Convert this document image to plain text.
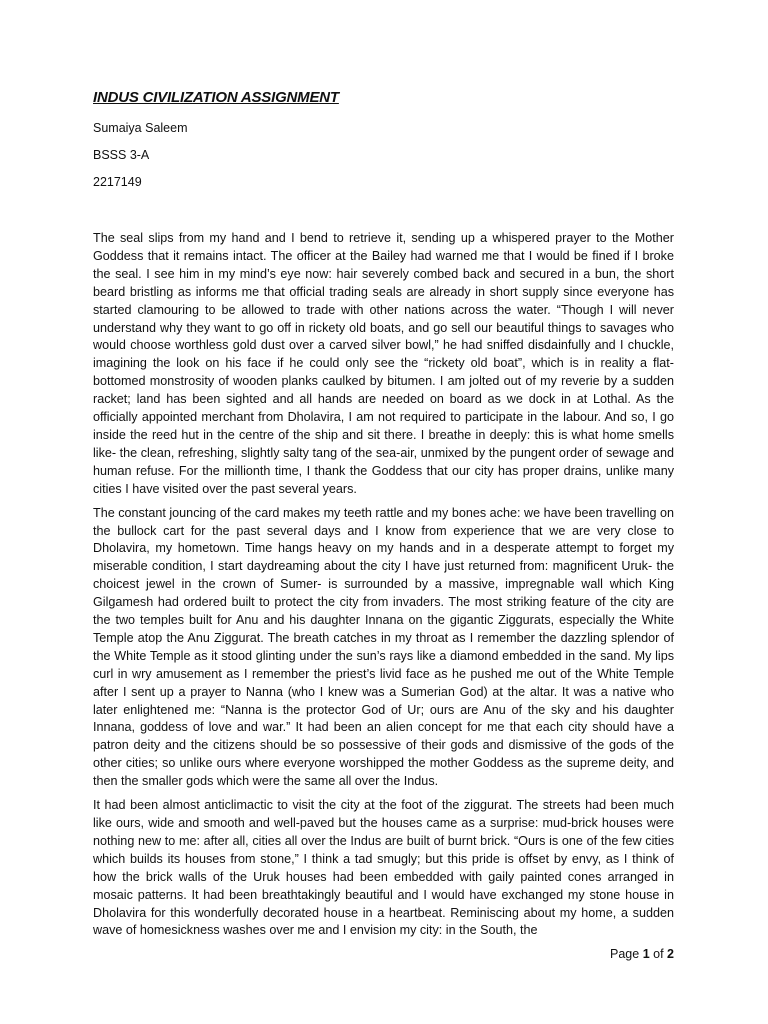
INDUS CIVILIZATION ASSIGNMENT
Sumaiya Saleem
BSSS 3-A
2217149

The seal slips from my hand and I bend to retrieve it, sending up a whispered prayer to the Mother Goddess that it remains intact. The officer at the Bailey had warned me that I would be fined if I broke the seal. I see him in my mind’s eye now: hair severely combed back and secured in a bun, the short beard bristling as informs me that official trading seals are already in short supply since everyone has started clamouring to be allowed to trade with other nations across the water. “Though I will never understand why they want to go off in rickety old boats, and go sell our beautiful things to savages who would choose worthless gold dust over a carved silver bowl,” he had sniffed disdainfully and I chuckle, imagining the look on his face if he could only see the “rickety old boat”, which is in reality a flat-bottomed monstrosity of wooden planks caulked by bitumen. I am jolted out of my reverie by a sudden racket; land has been sighted and all hands are needed on board as we dock in at Lothal. As the officially appointed merchant from Dholavira, I am not required to participate in the labour. And so, I go inside the reed hut in the centre of the ship and sit there. I breathe in deeply: this is what home smells like- the clean, refreshing, slightly salty tang of the sea-air, unmixed by the pungent order of sewage and human refuse. For the millionth time, I thank the Goddess that our city has proper drains, unlike many cities I have visited over the past several years.

The constant jouncing of the card makes my teeth rattle and my bones ache: we have been travelling on the bullock cart for the past several days and I know from experience that we are very close to Dholavira, my hometown. Time hangs heavy on my hands and in a desperate attempt to forget my miserable condition, I start daydreaming about the city I have just returned from: magnificent Uruk- the choicest jewel in the crown of Sumer- is surrounded by a massive, impregnable wall which King Gilgamesh had ordered built to protect the city from invaders. The most striking feature of the city are the two temples built for Anu and his daughter Innana on the gigantic Ziggurats, especially the White Temple atop the Anu Ziggurat. The breath catches in my throat as I remember the dazzling splendor of the White Temple as it stood glinting under the sun’s rays like a diamond embedded in the sand. My lips curl in wry amusement as I remember the priest’s livid face as he pushed me out of the White Temple after I sent up a prayer to Nanna (who I knew was a Sumerian God) at the altar. It was a native who later enlightened me: “Nanna is the protector God of Ur; ours are Anu of the sky and his daughter Innana, goddess of love and war.” It had been an alien concept for me that each city should have a patron deity and the citizens should be so possessive of their gods and dismissive of the gods of the other cities; so unlike ours where everyone worshipped the mother Goddess as the supreme deity, and then the smaller gods which were the same all over the Indus.

It had been almost anticlimactic to visit the city at the foot of the ziggurat. The streets had been much like ours, wide and smooth and well-paved but the houses came as a surprise: mud-brick houses were nothing new to me: after all, cities all over the Indus are built of burnt brick. “Ours is one of the few cities which builds its houses from stone,” I think a tad smugly; but this pride is offset by envy, as I think of how the brick walls of the Uruk houses had been embedded with gaily painted cones arranged in mosaic patterns. It had been breathtakingly beautiful and I would have exchanged my stone house in Dholavira for this wonderfully decorated house in a heartbeat. Reminiscing about my home, a sudden wave of homesickness washes over me and I envision my city: in the South, the

Page 1 of 2
